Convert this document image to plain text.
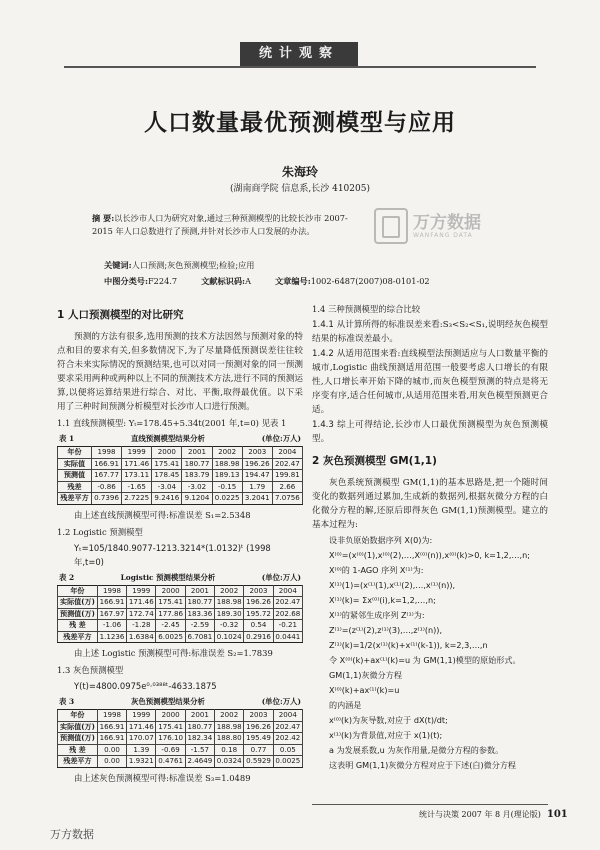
统计观察
人口数量最优预测模型与应用
朱海玲
(湖南商学院 信息系,长沙 410205)
摘 要:以长沙市人口为研究对象,通过三种预测模型的比较长沙市 2007-2015 年人口总数进行了预测,并针对长沙市人口发展的办法。	万方数据
WANFANG DATA
关键词:人口预测;灰色预测模型;检验;应用
中图分类号:F224.7	文献标识码:A	文章编号:1002-6487(2007)08-0101-02
1 人口预测模型的对比研究
预测的方法有很多,选用预测的技术方法因然与预测对象的特点和目的要求有关,但多数情况下,为了尽量降低预测误差往往较符合未来实际情况的预测结果,也可以对同一预测对象的同一预测要求采用两种或两种以上不同的预测技术方法,进行不同的预测运算,以便将运算结果进行综合、对比、平衡,取得最优值。以下采用了三种时间预测分析模型对长沙市人口进行预测。
1.1 直线预测模型: Yₜ=178.45+5.34t(2001 年,t=0) 见表 1
表 1	直线预测模型结果分析	(单位:万人)
年份	1998	1999	2000	2001	2002	2003	2004
实际值	166.91	171.46	175.41	180.77	188.98	196.26	202.47
预测值	167.77	173.11	178.45	183.79	189.13	194.47	199.81
残差	-0.86	-1.65	-3.04	-3.02	-0.15	1.79	2.66
残差平方	0.7396	2.7225	9.2416	9.1204	0.0225	3.2041	7.0756
由上述直线预测模型可得:标准误差 S₁=2.5348
1.2 Logistic 预测模型
Yₜ=105/1840.9077-1213.3214*(1.0132)ᵗ (1998 年,t=0)
表 2	Logistic 预测模型结果分析	(单位:万人)
年份	1998	1999	2000	2001	2002	2003	2004
实际值(万)	166.91	171.46	175.41	180.77	188.98	196.26	202.47
预测值(万)	167.97	172.74	177.86	183.36	189.30	195.72	202.68
残 差	-1.06	-1.28	-2.45	-2.59	-0.32	0.54	-0.21
残差平方	1.1236	1.6384	6.0025	6.7081	0.1024	0.2916	0.0441
由上述 Logistic 预测模型可得:标准误差 S₂=1.7839
1.3 灰色预测模型
Y(t)=4800.0975e⁰·⁰³⁸⁸ᵗ-4633.1875
表 3	灰色预测模型结果分析	(单位:万人)
年份	1998	1999	2000	2001	2002	2003	2004
实际值(万)	166.91	171.46	175.41	180.77	188.98	196.26	202.47
预测值(万)	166.91	170.07	176.10	182.34	188.80	195.49	202.42
残 差	0.00	1.39	-0.69	-1.57	0.18	0.77	0.05
残差平方	0.00	1.9321	0.4761	2.4649	0.0324	0.5929	0.0025
由上述灰色预测模型可得:标准误差 S₃=1.0489
1.4 三种预测模型的综合比较
1.4.1 从计算所得的标准误差来看:S₃<S₂<S₁,说明经灰色模型结果的标准误差最小。
1.4.2 从适用范围来看:直线模型法预测适应与人口数量平衡的城市,Logistic 曲线预测适用范围一般要考虑人口增长的有限性,人口增长率开始下降的城市,而灰色模型预测的特点是将无序变有序,适合任何城市,从适用范围来看,用灰色模型预测更合适。
1.4.3 综上可得结论,长沙市人口最优预测模型为灰色预测模型。
2 灰色预测模型 GM(1,1)
灰色系统预测模型 GM(1,1)的基本思路是,把一个随时间变化的数据列通过累加,生成新的数据列,根据灰微分方程的白化微分方程的解,还原后即得灰色 GM(1,1)预测模型。建立的基本过程为:
设非负原始数据序列 X(0)为:
X⁽⁰⁾=(x⁽⁰⁾(1),x⁽⁰⁾(2),…,X⁽⁰⁾(n)),x⁽⁰⁾(k)>0, k=1,2,…,n;
X⁽⁰⁾的 1-AGO 序列 X⁽¹⁾为:
X⁽¹⁾(1)=(x⁽¹⁾(1),x⁽¹⁾(2),…,x⁽¹⁾(n)),
X⁽¹⁾(k)= Σx⁽⁰⁾(i),k=1,2,…,n;
X⁽¹⁾的紧邻生成序列 Z⁽¹⁾为:
Z⁽¹⁾=(z⁽¹⁾(2),z⁽¹⁾(3),…,z⁽¹⁾(n)),
Z⁽¹⁾(k)=1/2(x⁽¹⁾(k)+x⁽¹⁾(k-1)), k=2,3,…,n
令 X⁽⁰⁾(k)+ax⁽¹⁾(k)=u 为 GM(1,1)模型的原始形式。
GM(1,1)灰微分方程
X⁽⁰⁾(k)+ax⁽¹⁾(k)=u
的内涵是
x⁽⁰⁾(k)为灰导数,对应于 dX(t)/dt;
x⁽¹⁾(k)为背景值,对应于 x(1)(t);
a 为发展系数,u 为灰作用量,是微分方程的参数。
这表明 GM(1,1)灰微分方程对应于下述(白)微分方程
统计与决策 2007 年 8 月(理论版) 101
万方数据
